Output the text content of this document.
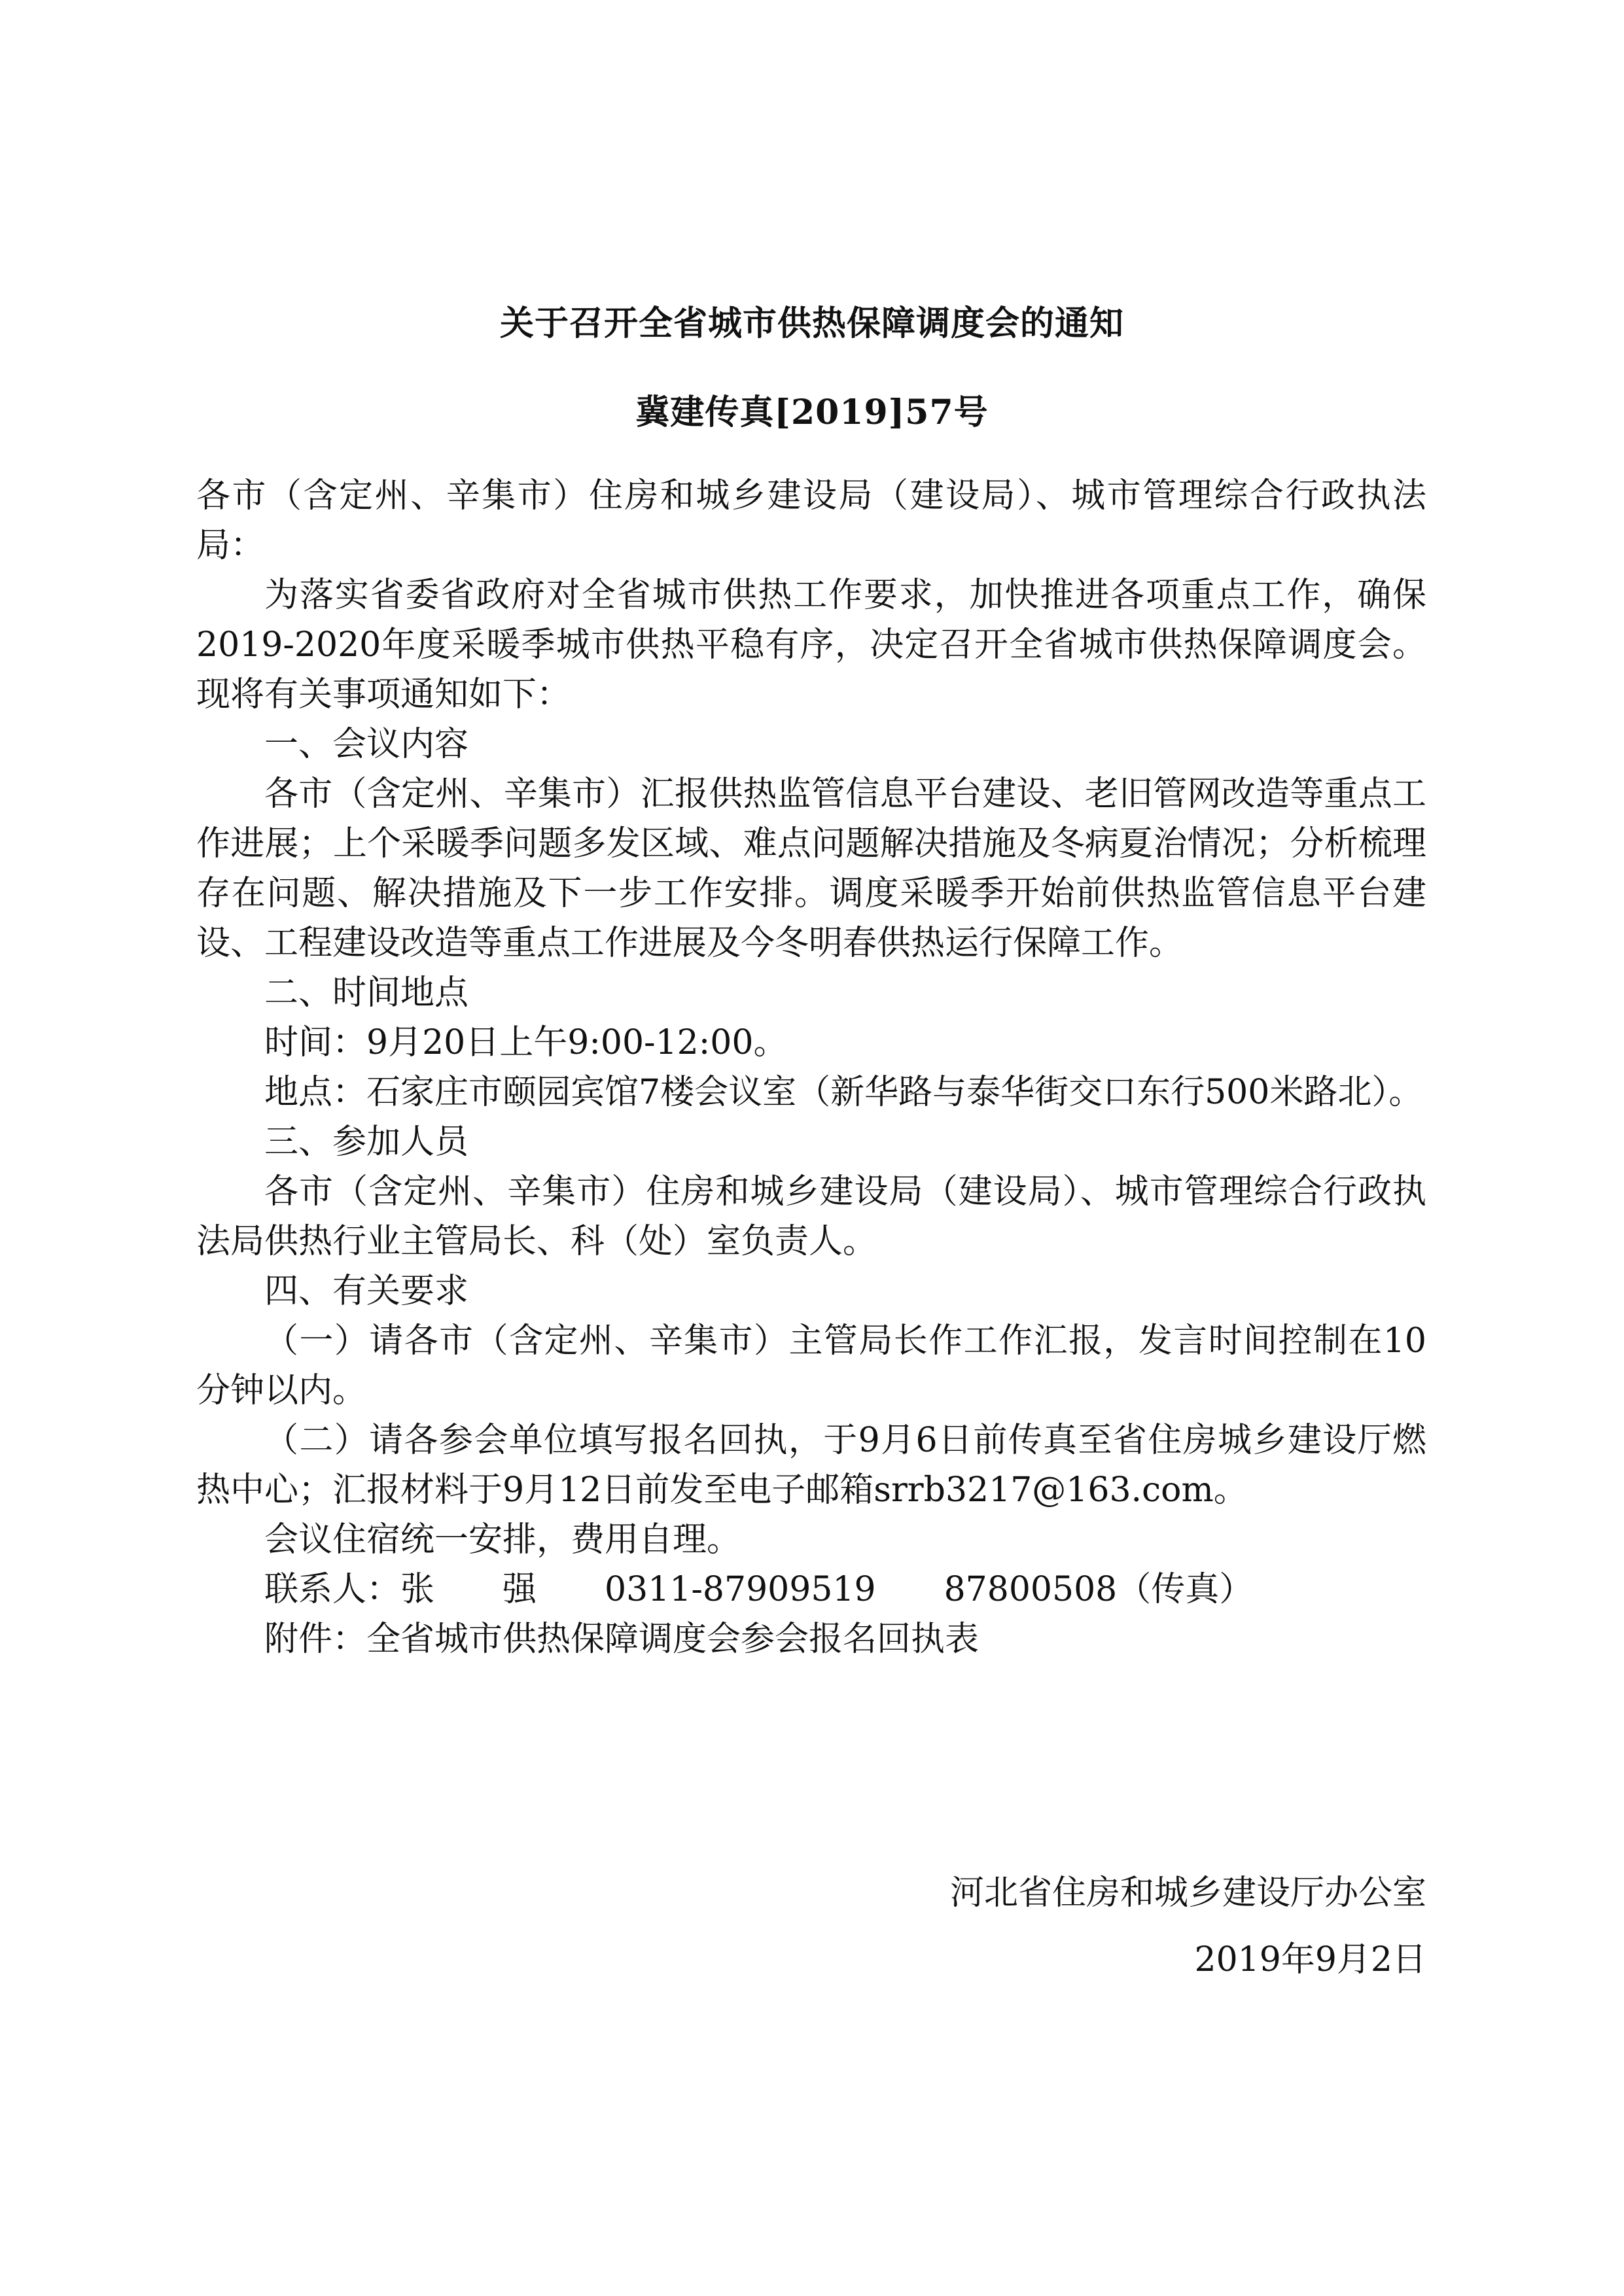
关于召开全省城市供热保障调度会的通知
冀建传真[2019]57号

各市（含定州、辛集市）住房和城乡建设局（建设局）、城市管理综合行政执法局：

为落实省委省政府对全省城市供热工作要求，加快推进各项重点工作，确保2019-2020年度采暖季城市供热平稳有序，决定召开全省城市供热保障调度会。现将有关事项通知如下：

一、会议内容

各市（含定州、辛集市）汇报供热监管信息平台建设、老旧管网改造等重点工作进展；上个采暖季问题多发区域、难点问题解决措施及冬病夏治情况；分析梳理存在问题、解决措施及下一步工作安排。调度采暖季开始前供热监管信息平台建设、工程建设改造等重点工作进展及今冬明春供热运行保障工作。

二、时间地点

时间：9月20日上午9:00-12:00。

地点：石家庄市颐园宾馆7楼会议室（新华路与泰华街交口东行500米路北）。

三、参加人员

各市（含定州、辛集市）住房和城乡建设局（建设局）、城市管理综合行政执法局供热行业主管局长、科（处）室负责人。

四、有关要求

（一）请各市（含定州、辛集市）主管局长作工作汇报，发言时间控制在10分钟以内。

（二）请各参会单位填写报名回执，于9月6日前传真至省住房城乡建设厅燃热中心；汇报材料于9月12日前发至电子邮箱srrb3217@163.com。

会议住宿统一安排，费用自理。

联系人：张　　强　　0311-87909519　　87800508（传真）

附件：全省城市供热保障调度会参会报名回执表

河北省住房和城乡建设厅办公室
2019年9月2日
